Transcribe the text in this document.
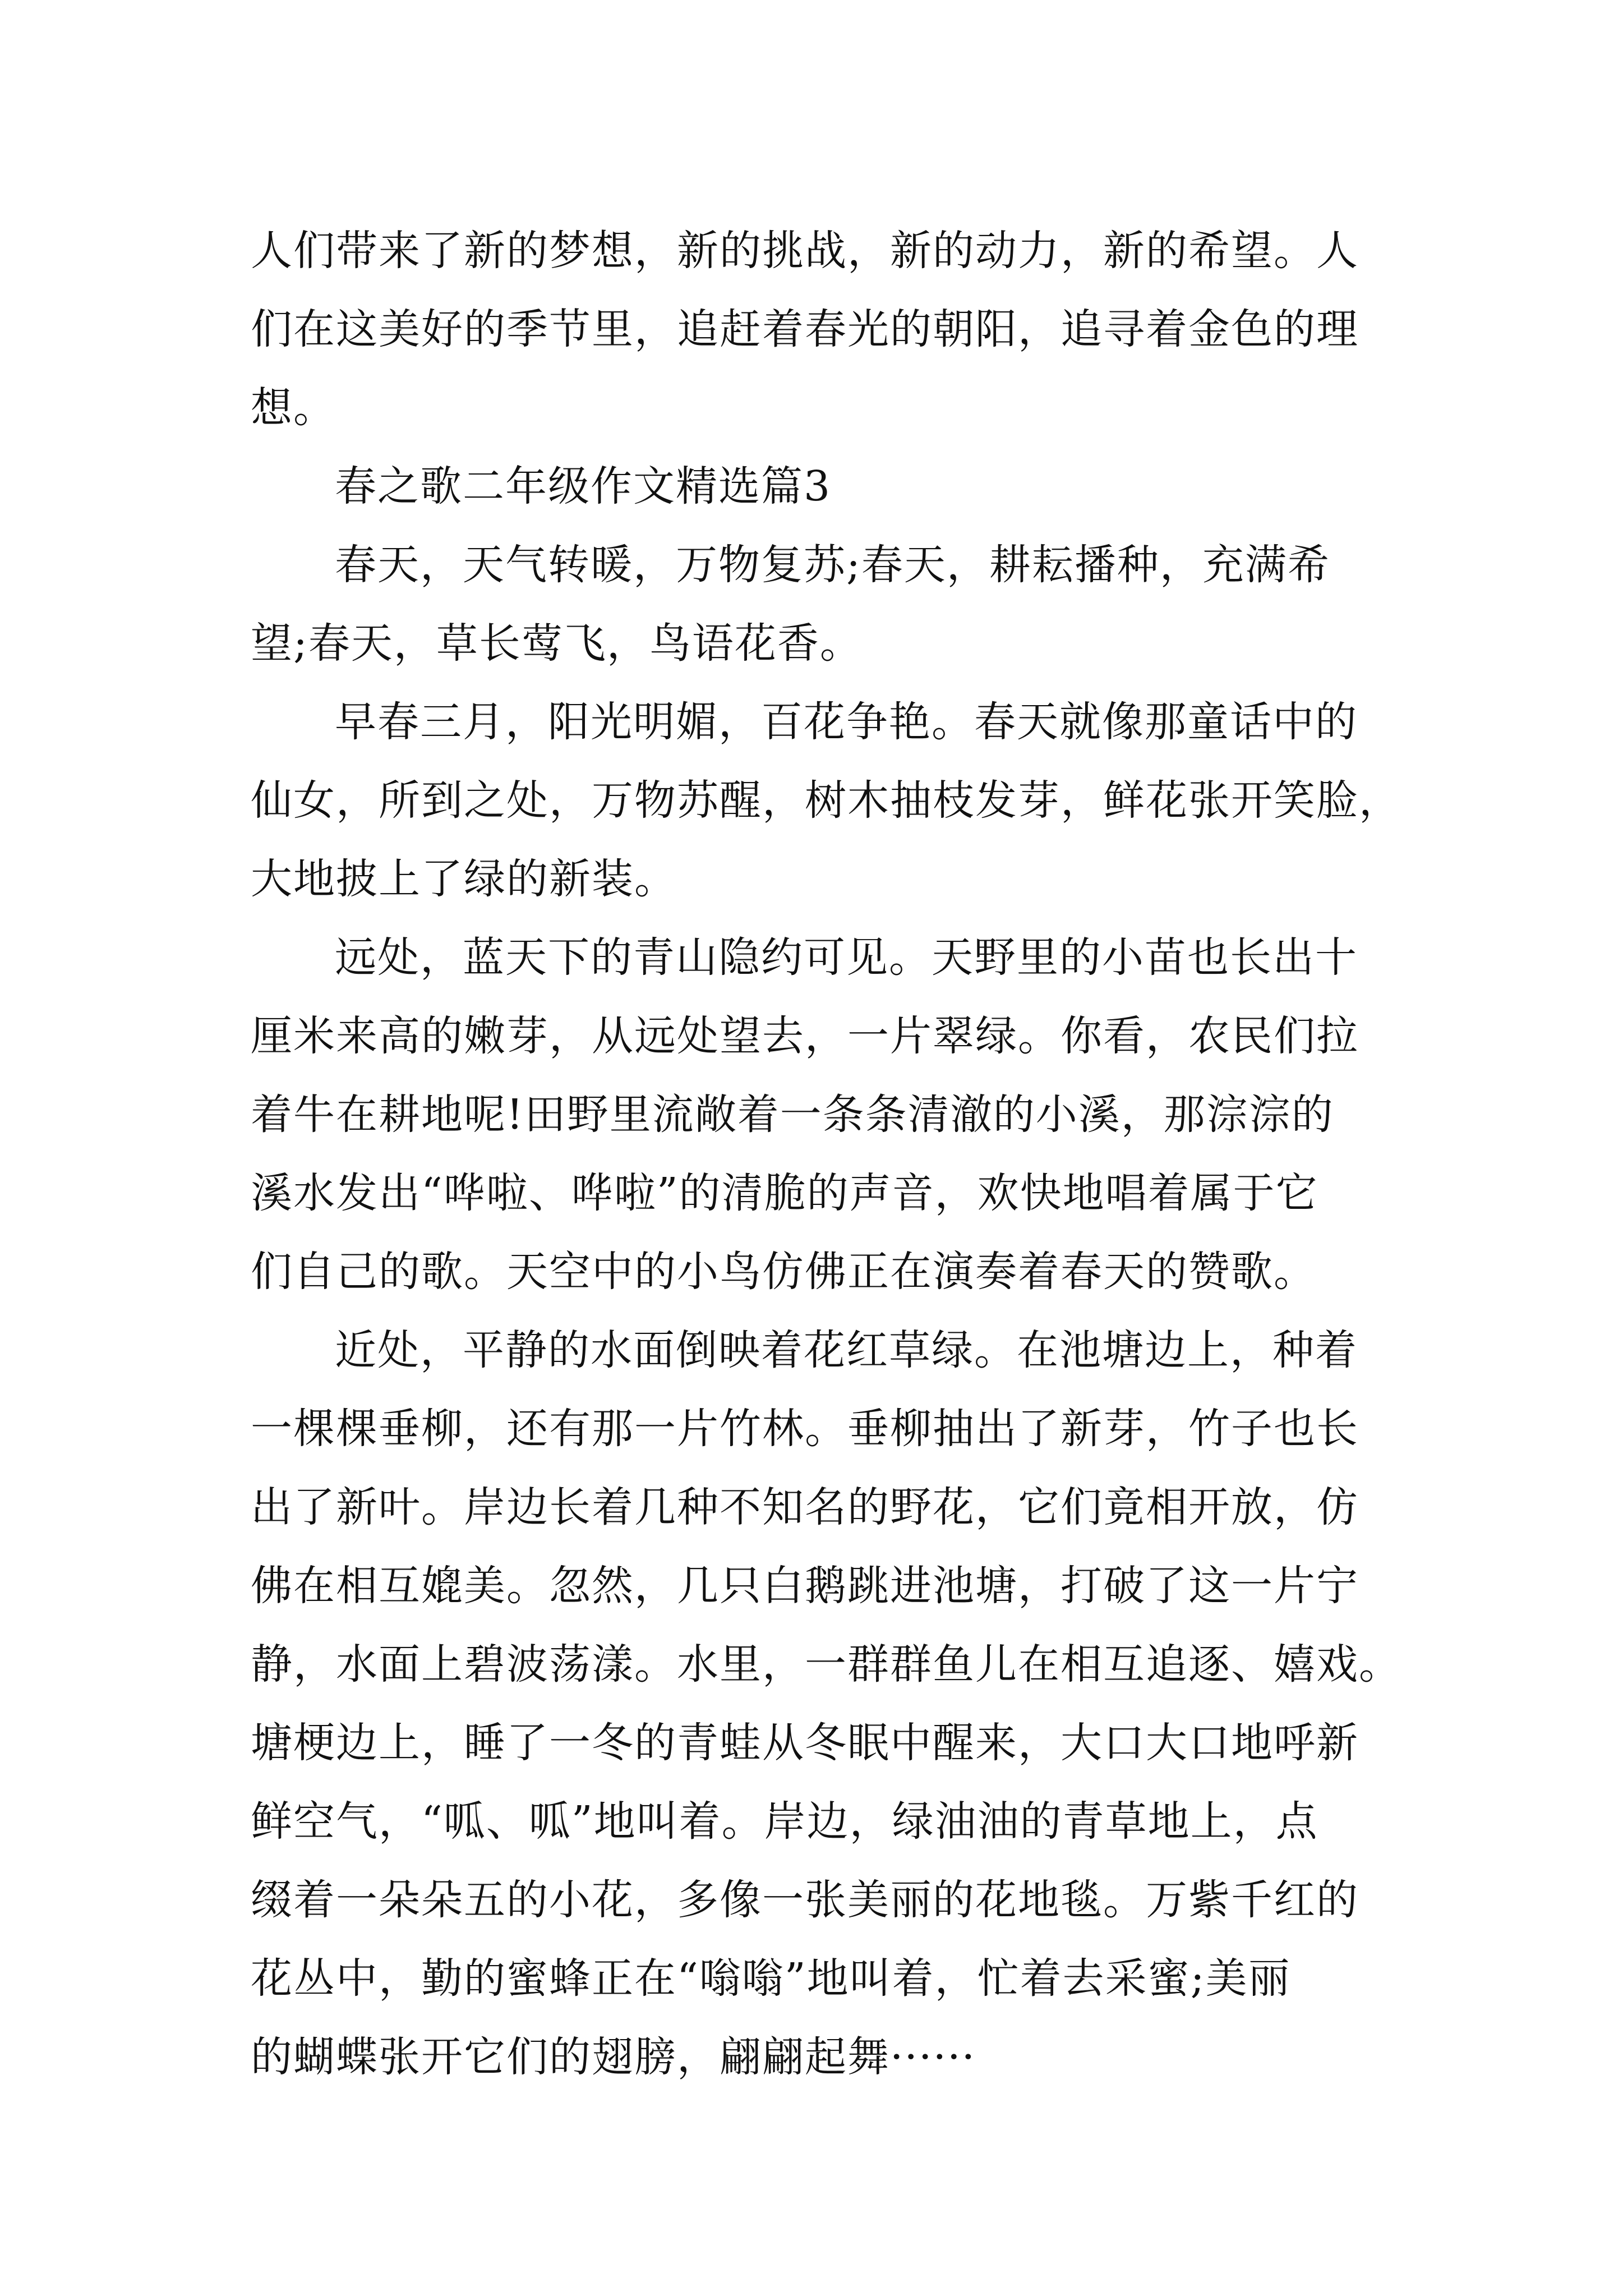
人们带来了新的梦想，新的挑战，新的动力，新的希望。人
们在这美好的季节里，追赶着春光的朝阳，追寻着金色的理
想。
春之歌二年级作文精选篇3
春天，天气转暖，万物复苏;春天，耕耘播种，充满希
望;春天，草长莺飞，鸟语花香。
早春三月，阳光明媚，百花争艳。春天就像那童话中的
仙女，所到之处，万物苏醒，树木抽枝发芽，鲜花张开笑脸，
大地披上了绿的新装。
远处，蓝天下的青山隐约可见。天野里的小苗也长出十
厘米来高的嫩芽，从远处望去，一片翠绿。你看，农民们拉
着牛在耕地呢!田野里流敞着一条条清澈的小溪，那淙淙的
溪水发出“哗啦、哗啦”的清脆的声音，欢快地唱着属于它
们自己的歌。天空中的小鸟仿佛正在演奏着春天的赞歌。
近处，平静的水面倒映着花红草绿。在池塘边上，种着
一棵棵垂柳，还有那一片竹林。垂柳抽出了新芽，竹子也长
出了新叶。岸边长着几种不知名的野花，它们竟相开放，仿
佛在相互媲美。忽然，几只白鹅跳进池塘，打破了这一片宁
静，水面上碧波荡漾。水里，一群群鱼儿在相互追逐、嬉戏。
塘梗边上，睡了一冬的青蛙从冬眠中醒来，大口大口地呼新
鲜空气，“呱、呱”地叫着。岸边，绿油油的青草地上，点
缀着一朵朵五的小花，多像一张美丽的花地毯。万紫千红的
花丛中，勤的蜜蜂正在“嗡嗡”地叫着，忙着去采蜜;美丽
的蝴蝶张开它们的翅膀，翩翩起舞······
